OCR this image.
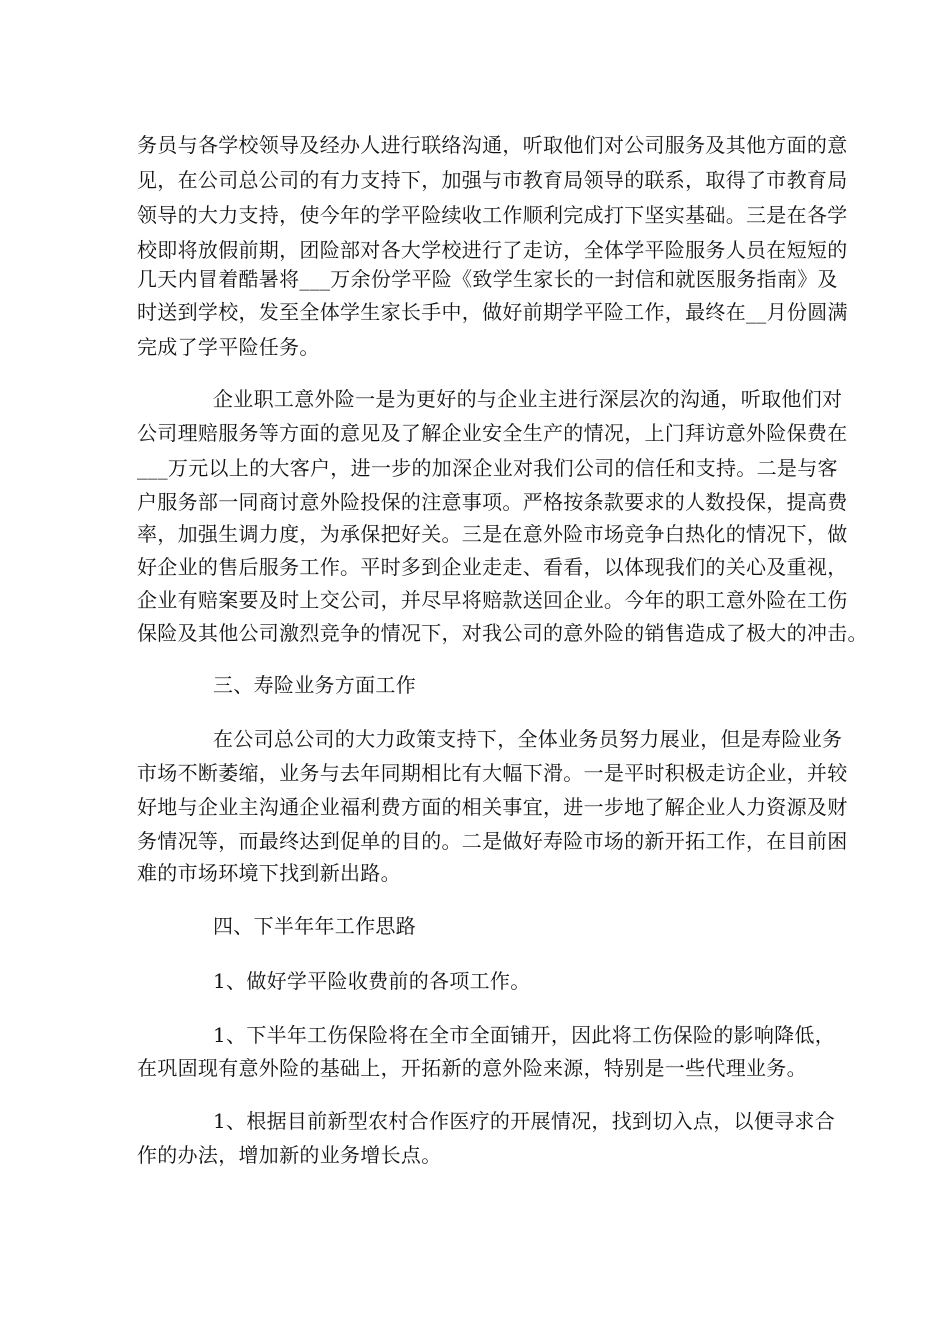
务员与各学校领导及经办人进行联络沟通，听取他们对公司服务及其他方面的意
见，在公司总公司的有力支持下，加强与市教育局领导的联系，取得了市教育局
领导的大力支持，使今年的学平险续收工作顺利完成打下坚实基础。三是在各学
校即将放假前期，团险部对各大学校进行了走访，全体学平险服务人员在短短的
几天内冒着酷暑将___万余份学平险《致学生家长的一封信和就医服务指南》及
时送到学校，发至全体学生家长手中，做好前期学平险工作，最终在__月份圆满
完成了学平险任务。
企业职工意外险一是为更好的与企业主进行深层次的沟通，听取他们对
公司理赔服务等方面的意见及了解企业安全生产的情况，上门拜访意外险保费在
___万元以上的大客户，进一步的加深企业对我们公司的信任和支持。二是与客
户服务部一同商讨意外险投保的注意事项。严格按条款要求的人数投保，提高费
率，加强生调力度，为承保把好关。三是在意外险市场竞争白热化的情况下，做
好企业的售后服务工作。平时多到企业走走、看看，以体现我们的关心及重视，
企业有赔案要及时上交公司，并尽早将赔款送回企业。今年的职工意外险在工伤
保险及其他公司激烈竞争的情况下，对我公司的意外险的销售造成了极大的冲击。
三、寿险业务方面工作
在公司总公司的大力政策支持下，全体业务员努力展业，但是寿险业务
市场不断萎缩，业务与去年同期相比有大幅下滑。一是平时积极走访企业，并较
好地与企业主沟通企业福利费方面的相关事宜，进一步地了解企业人力资源及财
务情况等，而最终达到促单的目的。二是做好寿险市场的新开拓工作，在目前困
难的市场环境下找到新出路。
四、下半年年工作思路
1、做好学平险收费前的各项工作。
1、下半年工伤保险将在全市全面铺开，因此将工伤保险的影响降低，
在巩固现有意外险的基础上，开拓新的意外险来源，特别是一些代理业务。
1、根据目前新型农村合作医疗的开展情况，找到切入点，以便寻求合
作的办法，增加新的业务增长点。
